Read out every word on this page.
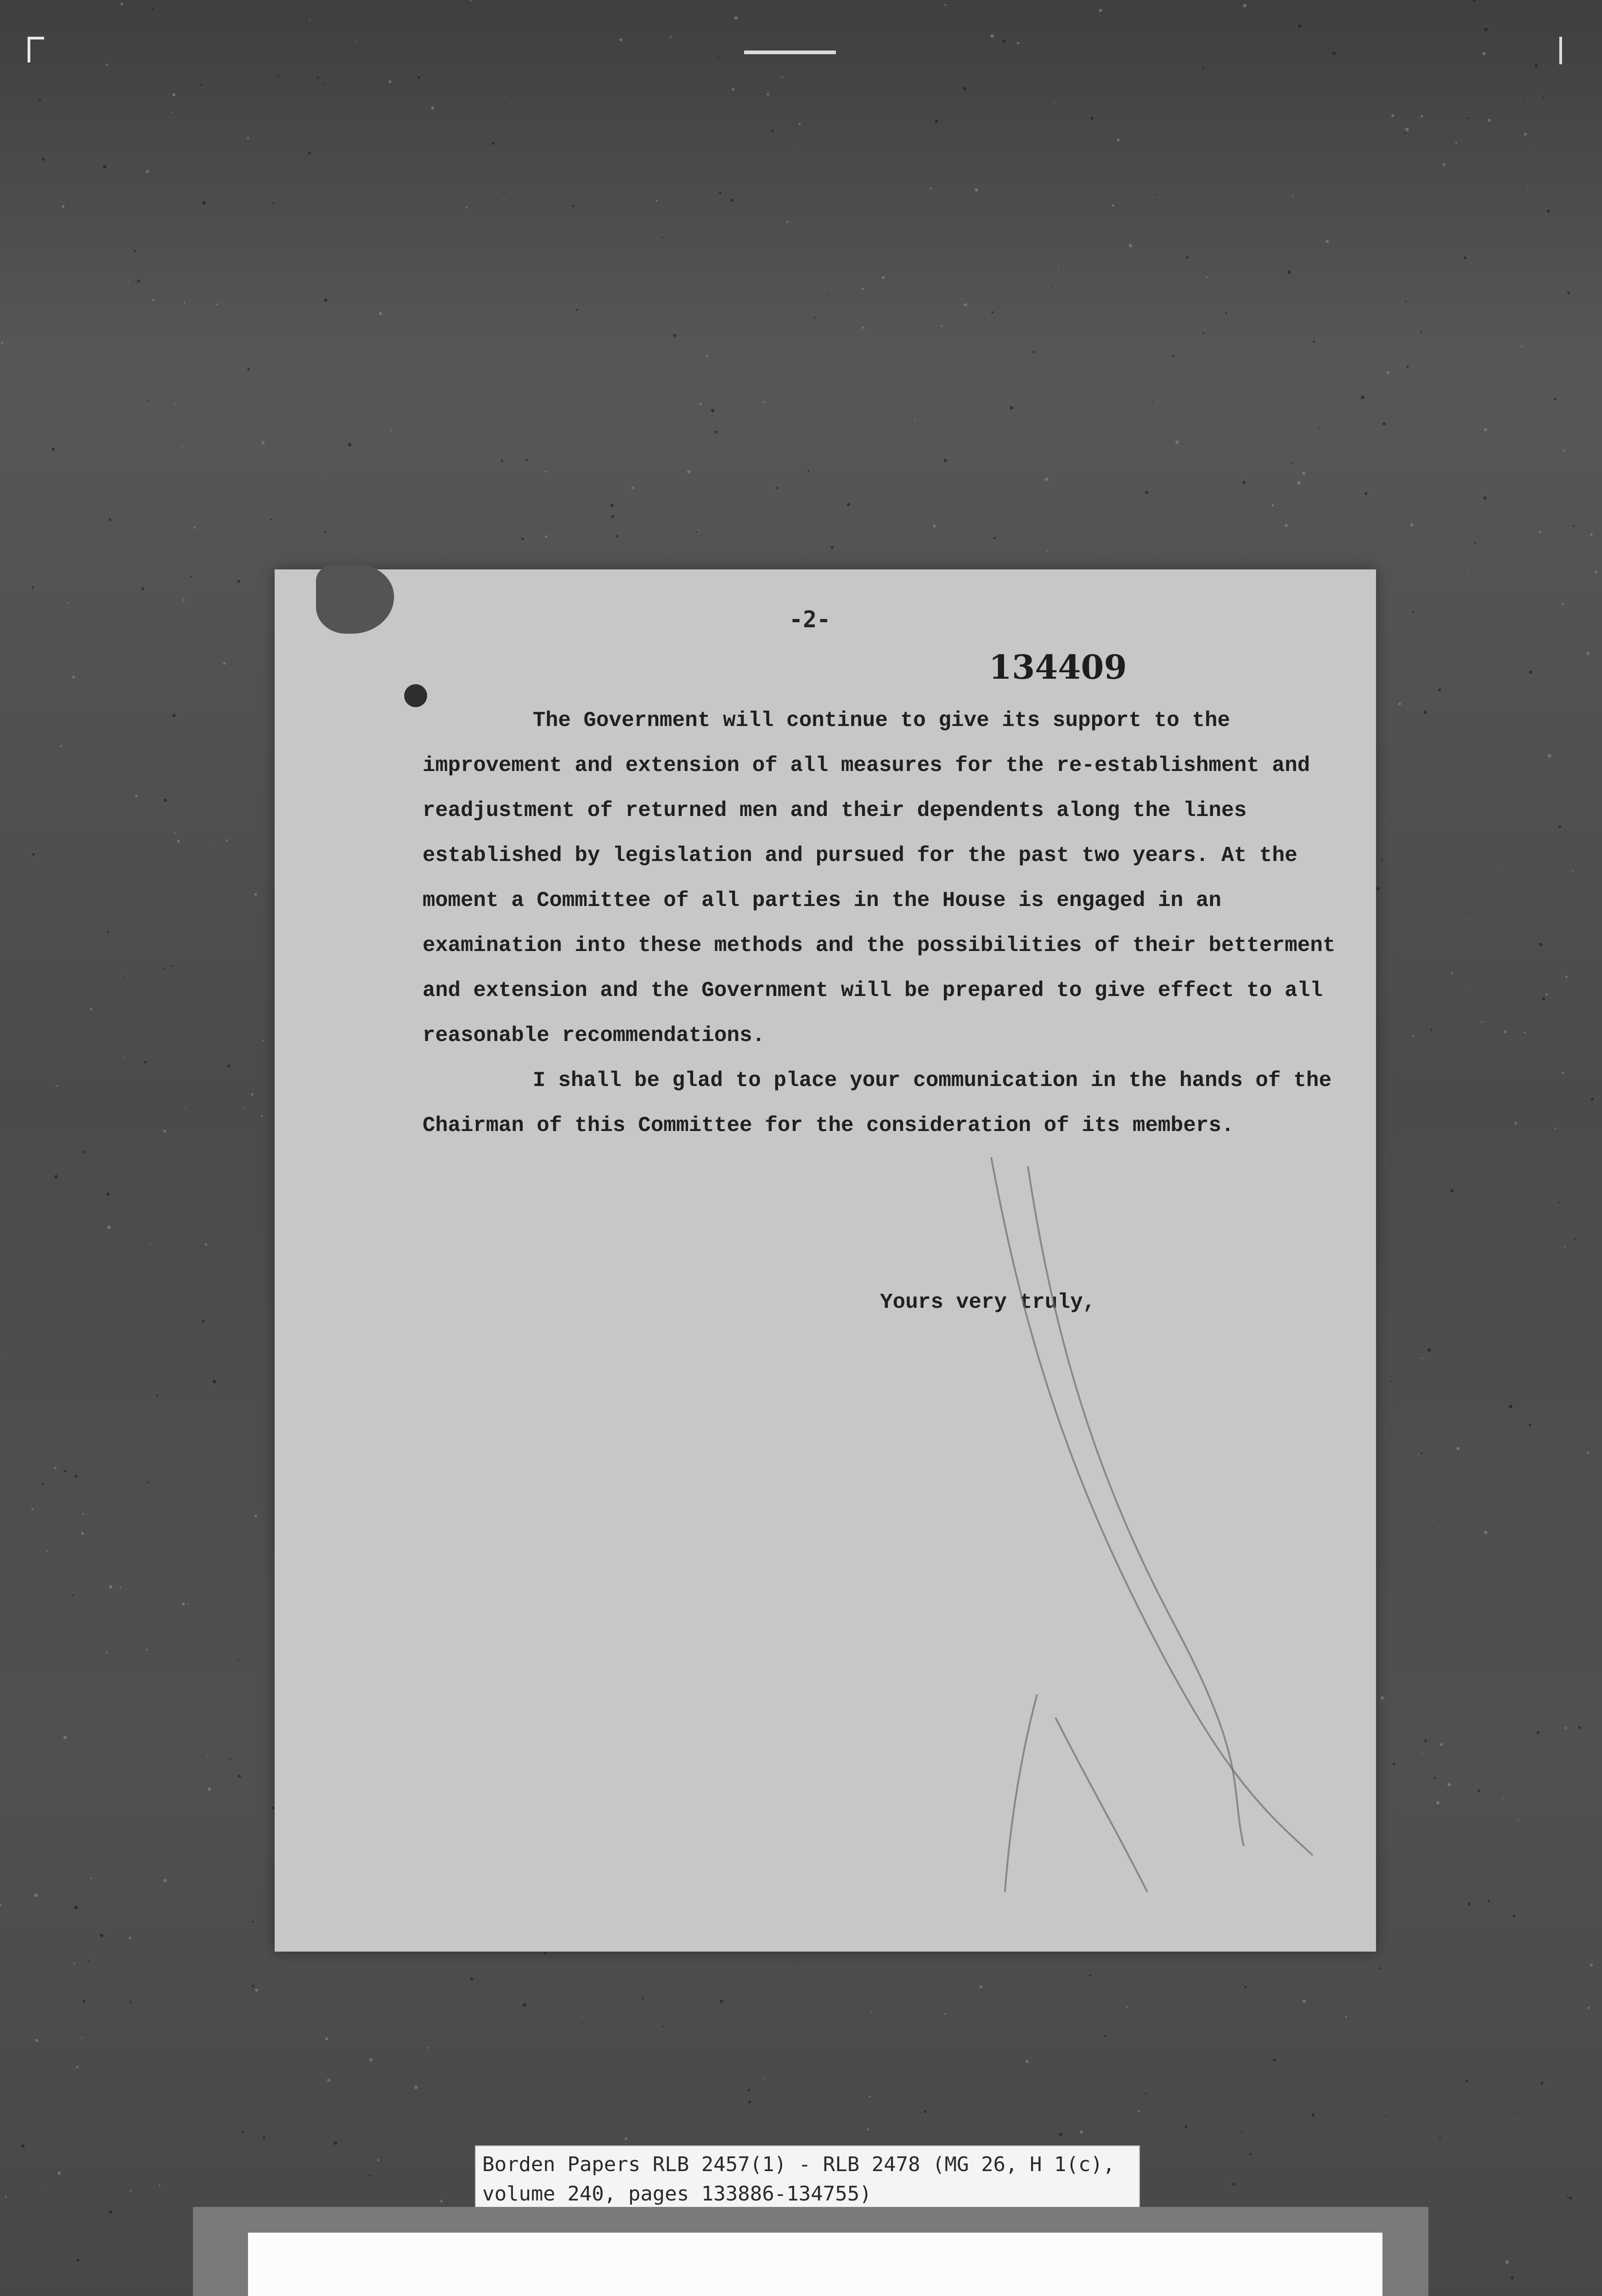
-2-
134409

The Government will continue to give its support to the improvement and extension of all measures for the re-establishment and readjustment of returned men and their dependents along the lines established by legislation and pursued for the past two years. At the moment a Committee of all parties in the House is engaged in an examination into these methods and the possibilities of their betterment and extension and the Government will be prepared to give effect to all reasonable recommendations.

I shall be glad to place your communication in the hands of the Chairman of this Committee for the consideration of its members.

Yours very truly,
Borden Papers RLB 2457(1) - RLB 2478 (MG 26, H 1(c), volume 240, pages 133886-134755)
